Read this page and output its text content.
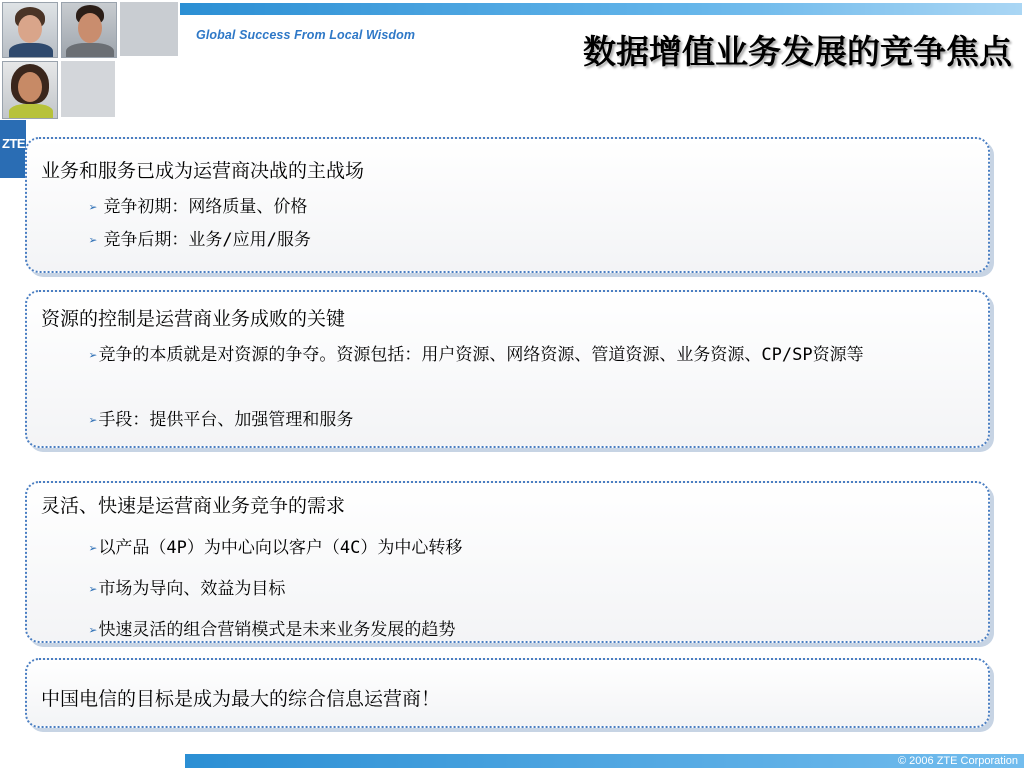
Global Success From Local Wisdom	数据增值业务发展的竞争焦点
ZTE
业务和服务已成为运营商决战的主战场
➢ 竞争初期：网络质量、价格
➢ 竞争后期：业务/应用/服务
资源的控制是运营商业务成败的关键
➢竞争的本质就是对资源的争夺。资源包括：用户资源、网络资源、管道资源、业务资源、CP/SP资源等
➢手段：提供平台、加强管理和服务
灵活、快速是运营商业务竞争的需求
➢以产品（4P）为中心向以客户（4C）为中心转移
➢市场为导向、效益为目标
➢快速灵活的组合营销模式是未来业务发展的趋势
中国电信的目标是成为最大的综合信息运营商！
© 2006 ZTE Corporation
